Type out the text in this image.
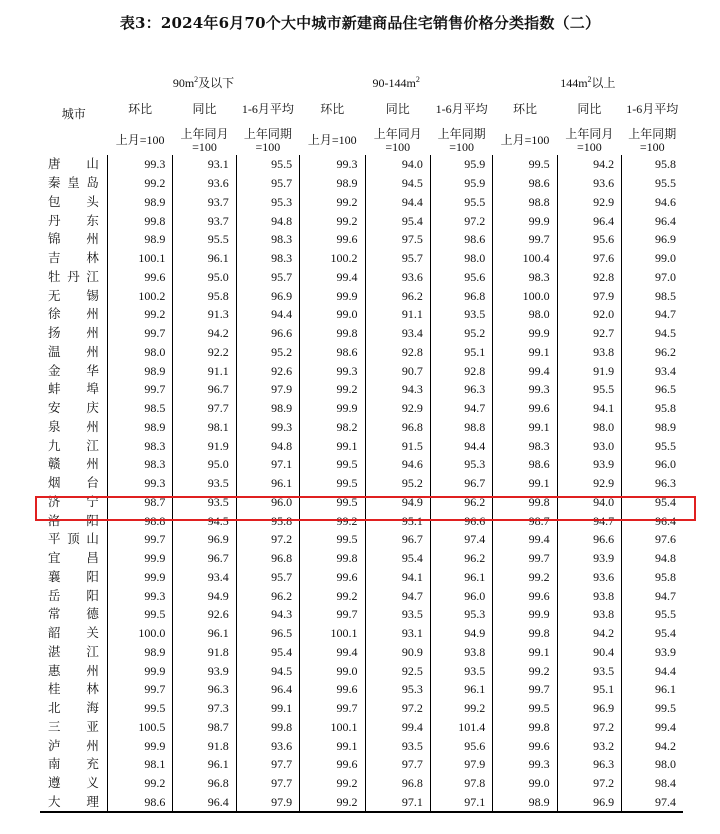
表3：2024年6月70个大中城市新建商品住宅销售价格分类指数（二）
城市	$90m^2$及以下			$90-144m^2$			$144m^2$以上		
	环比	同比	1-6月平均	环比	同比	1-6月平均	环比	同比	1-6月平均
	上月=100	上年同月=100	上年同期=100	上月=100	上年同月=100	上年同期=100	上月=100	上年同月=100	上年同期=100
唐山	99.3	93.1	95.5	99.3	94.0	95.9	99.5	94.2	95.8
秦皇岛	99.2	93.6	95.7	98.9	94.5	95.9	98.6	93.6	95.5
包头	98.9	93.7	95.3	99.2	94.4	95.5	98.8	92.9	94.6
丹东	99.8	93.7	94.8	99.2	95.4	97.2	99.9	96.4	96.4
锦州	98.9	95.5	98.3	99.6	97.5	98.6	99.7	95.6	96.9
吉林	100.1	96.1	98.3	100.2	95.7	98.0	100.4	97.6	99.0
牡丹江	99.6	95.0	95.7	99.4	93.6	95.6	98.3	92.8	97.0
无锡	100.2	95.8	96.9	99.9	96.2	96.8	100.0	97.9	98.5
徐州	99.2	91.3	94.4	99.0	91.1	93.5	98.0	92.0	94.7
扬州	99.7	94.2	96.6	99.8	93.4	95.2	99.9	92.7	94.5
温州	98.0	92.2	95.2	98.6	92.8	95.1	99.1	93.8	96.2
金华	98.9	91.1	92.6	99.3	90.7	92.8	99.4	91.9	93.4
蚌埠	99.7	96.7	97.9	99.2	94.3	96.3	99.3	95.5	96.5
安庆	98.5	97.7	98.9	99.9	92.9	94.7	99.6	94.1	95.8
泉州	98.9	98.1	99.3	98.2	96.8	98.8	99.1	98.0	98.9
九江	98.3	91.9	94.8	99.1	91.5	94.4	98.3	93.0	95.5
赣州	98.3	95.0	97.1	99.5	94.6	95.3	98.6	93.9	96.0
烟台	99.3	93.5	96.1	99.5	95.2	96.7	99.1	92.9	96.3
济宁	98.7	93.5	96.0	99.5	94.9	96.2	99.8	94.0	95.4
洛阳	98.8	94.5	95.8	99.2	95.1	96.6	98.7	94.7	96.4
平顶山	99.7	96.9	97.2	99.5	96.7	97.4	99.4	96.6	97.6
宜昌	99.9	96.7	96.8	99.8	95.4	96.2	99.7	93.9	94.8
襄阳	99.9	93.4	95.7	99.6	94.1	96.1	99.2	93.6	95.8
岳阳	99.3	94.9	96.2	99.2	94.7	96.0	99.6	93.8	94.7
常德	99.5	92.6	94.3	99.7	93.5	95.3	99.9	93.8	95.5
韶关	100.0	96.1	96.5	100.1	93.1	94.9	99.8	94.2	95.4
湛江	98.9	91.8	95.4	99.4	90.9	93.8	99.1	90.4	93.9
惠州	99.9	93.9	94.5	99.0	92.5	93.5	99.2	93.5	94.4
桂林	99.7	96.3	96.4	99.6	95.3	96.1	99.7	95.1	96.1
北海	99.5	97.3	99.1	99.7	97.2	99.2	99.5	96.9	99.5
三亚	100.5	98.7	99.8	100.1	99.4	101.4	99.8	97.2	99.4
泸州	99.9	91.8	93.6	99.1	93.5	95.6	99.6	93.2	94.2
南充	98.1	96.1	97.7	99.6	97.7	97.9	99.3	96.3	98.0
遵义	99.2	96.8	97.7	99.2	96.8	97.8	99.0	97.2	98.4
大理	98.6	96.4	97.9	99.2	97.1	97.1	98.9	96.9	97.4
